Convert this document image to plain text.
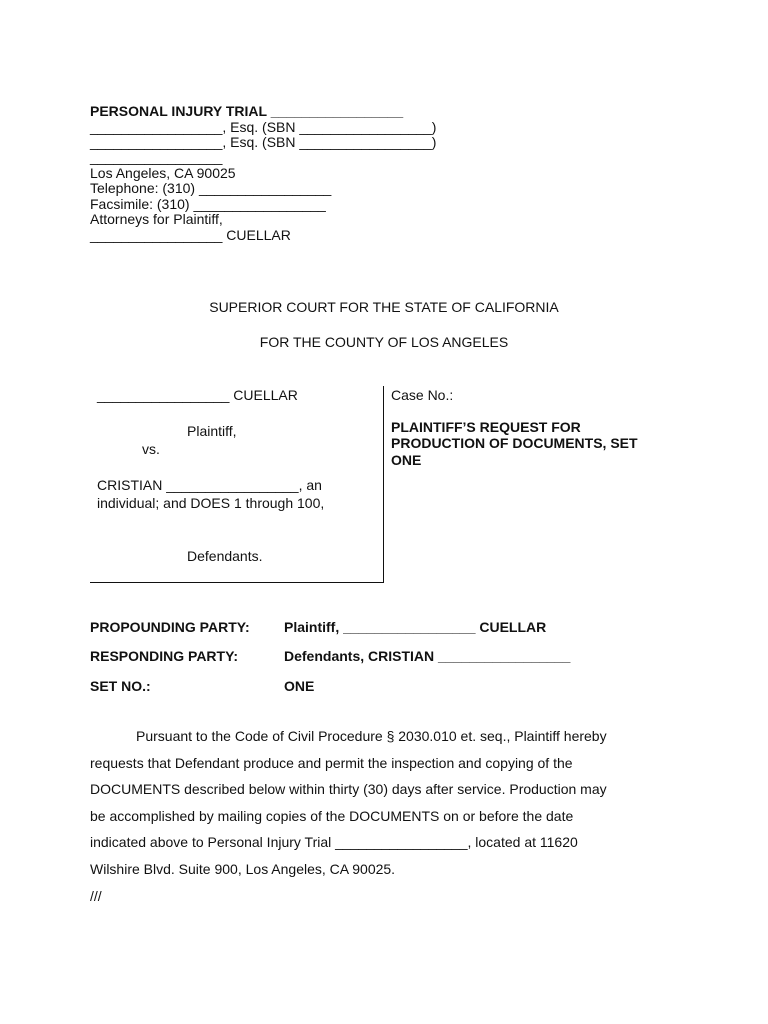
PERSONAL INJURY TRIAL _________________
_________________, Esq. (SBN _________________)
_________________, Esq. (SBN _________________)
_________________
Los Angeles, CA 90025
Telephone: (310) _________________
Facsimile: (310) _________________
Attorneys for Plaintiff,
_________________ CUELLAR
SUPERIOR COURT FOR THE STATE OF CALIFORNIA
FOR THE COUNTY OF LOS ANGELES
_________________ CUELLAR
Plaintiff,
vs.
CRISTIAN _________________, an
individual; and DOES 1 through 100,
Defendants.
Case No.:
PLAINTIFF’S REQUEST FOR
PRODUCTION OF DOCUMENTS, SET
ONE
PROPOUNDING PARTY: Plaintiff, _________________ CUELLAR
RESPONDING PARTY:	Defendants, CRISTIAN _________________
SET NO.:	ONE
Pursuant to the Code of Civil Procedure § 2030.010 et. seq., Plaintiff hereby
requests that Defendant produce and permit the inspection and copying of the
DOCUMENTS described below within thirty (30) days after service. Production may
be accomplished by mailing copies of the DOCUMENTS on or before the date
indicated above to Personal Injury Trial _________________, located at 11620
Wilshire Blvd. Suite 900, Los Angeles, CA 90025.
///
